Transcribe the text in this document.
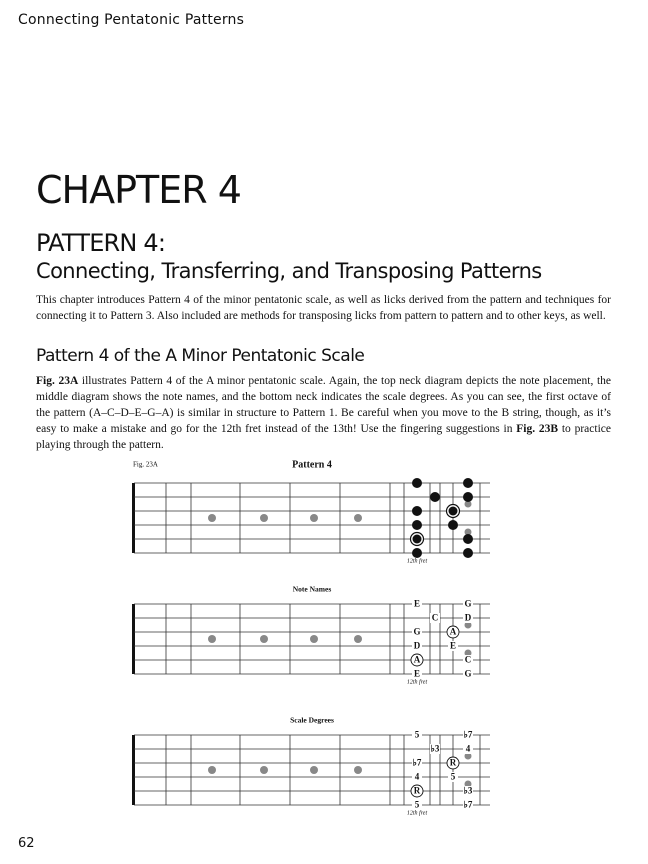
Connecting Pentatonic Patterns
CHAPTER 4
PATTERN 4:
Connecting, Transferring, and Transposing Patterns

This chapter introduces Pattern 4 of the minor pentatonic scale, as well as licks derived from the pattern and techniques for connecting it to Pattern 3. Also included are methods for transposing licks from pattern to pattern and to other keys, as well.

Pattern 4 of the A Minor Pentatonic Scale

Fig. 23A illustrates Pattern 4 of the A minor pentatonic scale. Again, the top neck diagram depicts the note placement, the middle diagram shows the note names, and the bottom neck indicates the scale degrees. As you can see, the first octave of the pattern (A–C–D–E–G–A) is similar in structure to Pattern 1. Be careful when you move to the B string, though, as it’s easy to make a mistake and go for the 12th fret instead of the 13th! Use the fingering suggestions in Fig. 23B to practice playing through the pattern.

Fig. 23A	Pattern 4
12th fret
Note Names
12th fret
E
G
D
A
E
C
A
E
G
D
C
G
Scale Degrees
12th fret
5
♭7
4
R
5
♭3
R
5
♭7
4
♭3
♭7
62
